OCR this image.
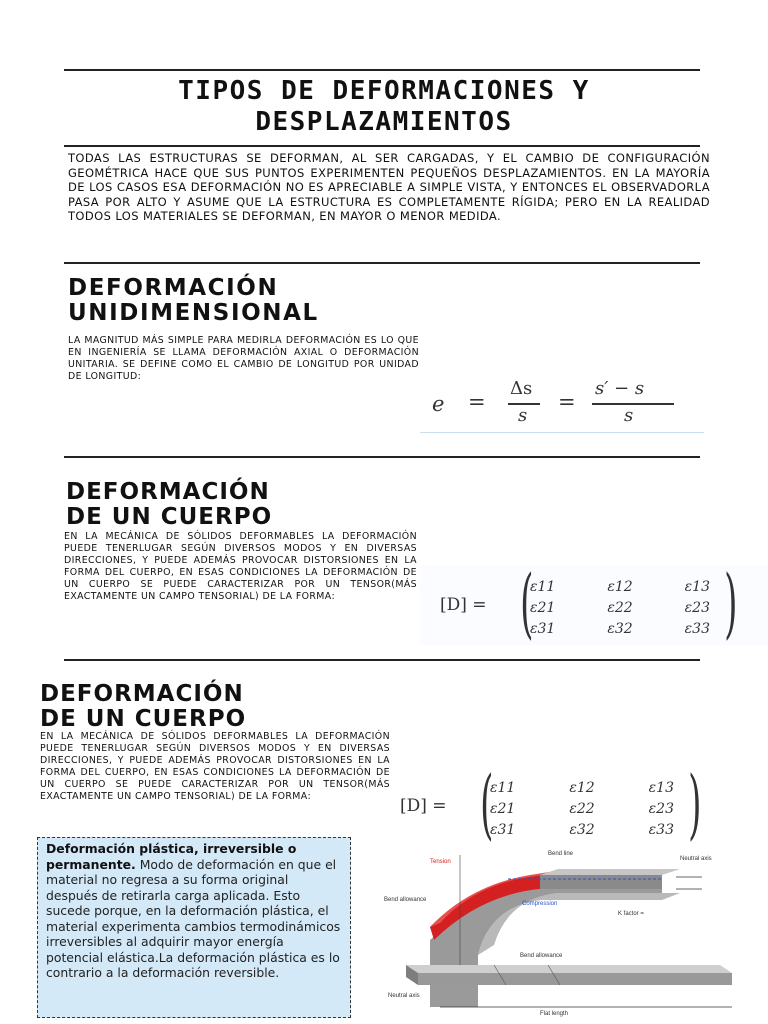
TIPOS DE DEFORMACIONES Y
DESPLAZAMIENTOS
TODAS LAS ESTRUCTURAS SE DEFORMAN, AL SER CARGADAS, Y EL CAMBIO DE CONFIGURACIÓN GEOMÉTRICA HACE QUE SUS PUNTOS EXPERIMENTEN PEQUEÑOS DESPLAZAMIENTOS. EN LA MAYORÍA DE LOS CASOS ESA DEFORMACIÓN NO ES APRECIABLE A SIMPLE VISTA, Y ENTONCES EL OBSERVADORLA PASA POR ALTO Y ASUME QUE LA ESTRUCTURA ES COMPLETAMENTE RÍGIDA; PERO EN LA REALIDAD TODOS LOS MATERIALES SE DEFORMAN, EN MAYOR O MENOR MEDIDA.
DEFORMACIÓN
UNIDIMENSIONAL
LA MAGNITUD MÁS SIMPLE PARA MEDIRLA DEFORMACIÓN ES LO QUE EN INGENIERÍA SE LLAMA DEFORMACIÓN AXIAL O DEFORMACIÓN UNITARIA. SE DEFINE COMO EL CAMBIO DE LONGITUD POR UNIDAD DE LONGITUD:
e =
Δs
s
=
s′ − s
s
DEFORMACIÓN
DE UN CUERPO
EN LA MECÁNICA DE SÓLIDOS DEFORMABLES LA DEFORMACIÓN PUEDE TENERLUGAR SEGÚN DIVERSOS MODOS Y EN DIVERSAS DIRECCIONES, Y PUEDE ADEMÁS PROVOCAR DISTORSIONES EN LA FORMA DEL CUERPO, EN ESAS CONDICIONES LA DEFORMACIÓN DE UN CUERPO SE PUEDE CARACTERIZAR POR UN TENSOR(MÁS EXACTAMENTE UN CAMPO TENSORIAL) DE LA FORMA:	[D] = (
ε11	ε12	ε13
ε21	ε22	ε23
ε31	ε32	ε33 )
DEFORMACIÓN
DE UN CUERPO
EN LA MECÁNICA DE SÓLIDOS DEFORMABLES LA DEFORMACIÓN PUEDE TENERLUGAR SEGÚN DIVERSOS MODOS Y EN DIVERSAS DIRECCIONES, Y PUEDE ADEMÁS PROVOCAR DISTORSIONES EN LA FORMA DEL CUERPO, EN ESAS CONDICIONES LA DEFORMACIÓN DE UN CUERPO SE PUEDE CARACTERIZAR POR UN TENSOR(MÁS EXACTAMENTE UN CAMPO TENSORIAL) DE LA FORMA:	[D] = (
ε11	ε12	ε13
ε21	ε22	ε23
ε31	ε32	ε33 )
Deformación plástica, irreversible o permanente. Modo de deformación en que el material no regresa a su forma original después de retirarla carga aplicada. Esto sucede porque, en la deformación plástica, el material experimenta cambios termodinámicos irreversibles al adquirir mayor energía potencial elástica.La deformación plástica es lo contrario a la deformación reversible.
Tension
Bend line
Neutral axis
Bend allowance
Compression
K factor =
Bend allowance
Neutral axis
Flat length
